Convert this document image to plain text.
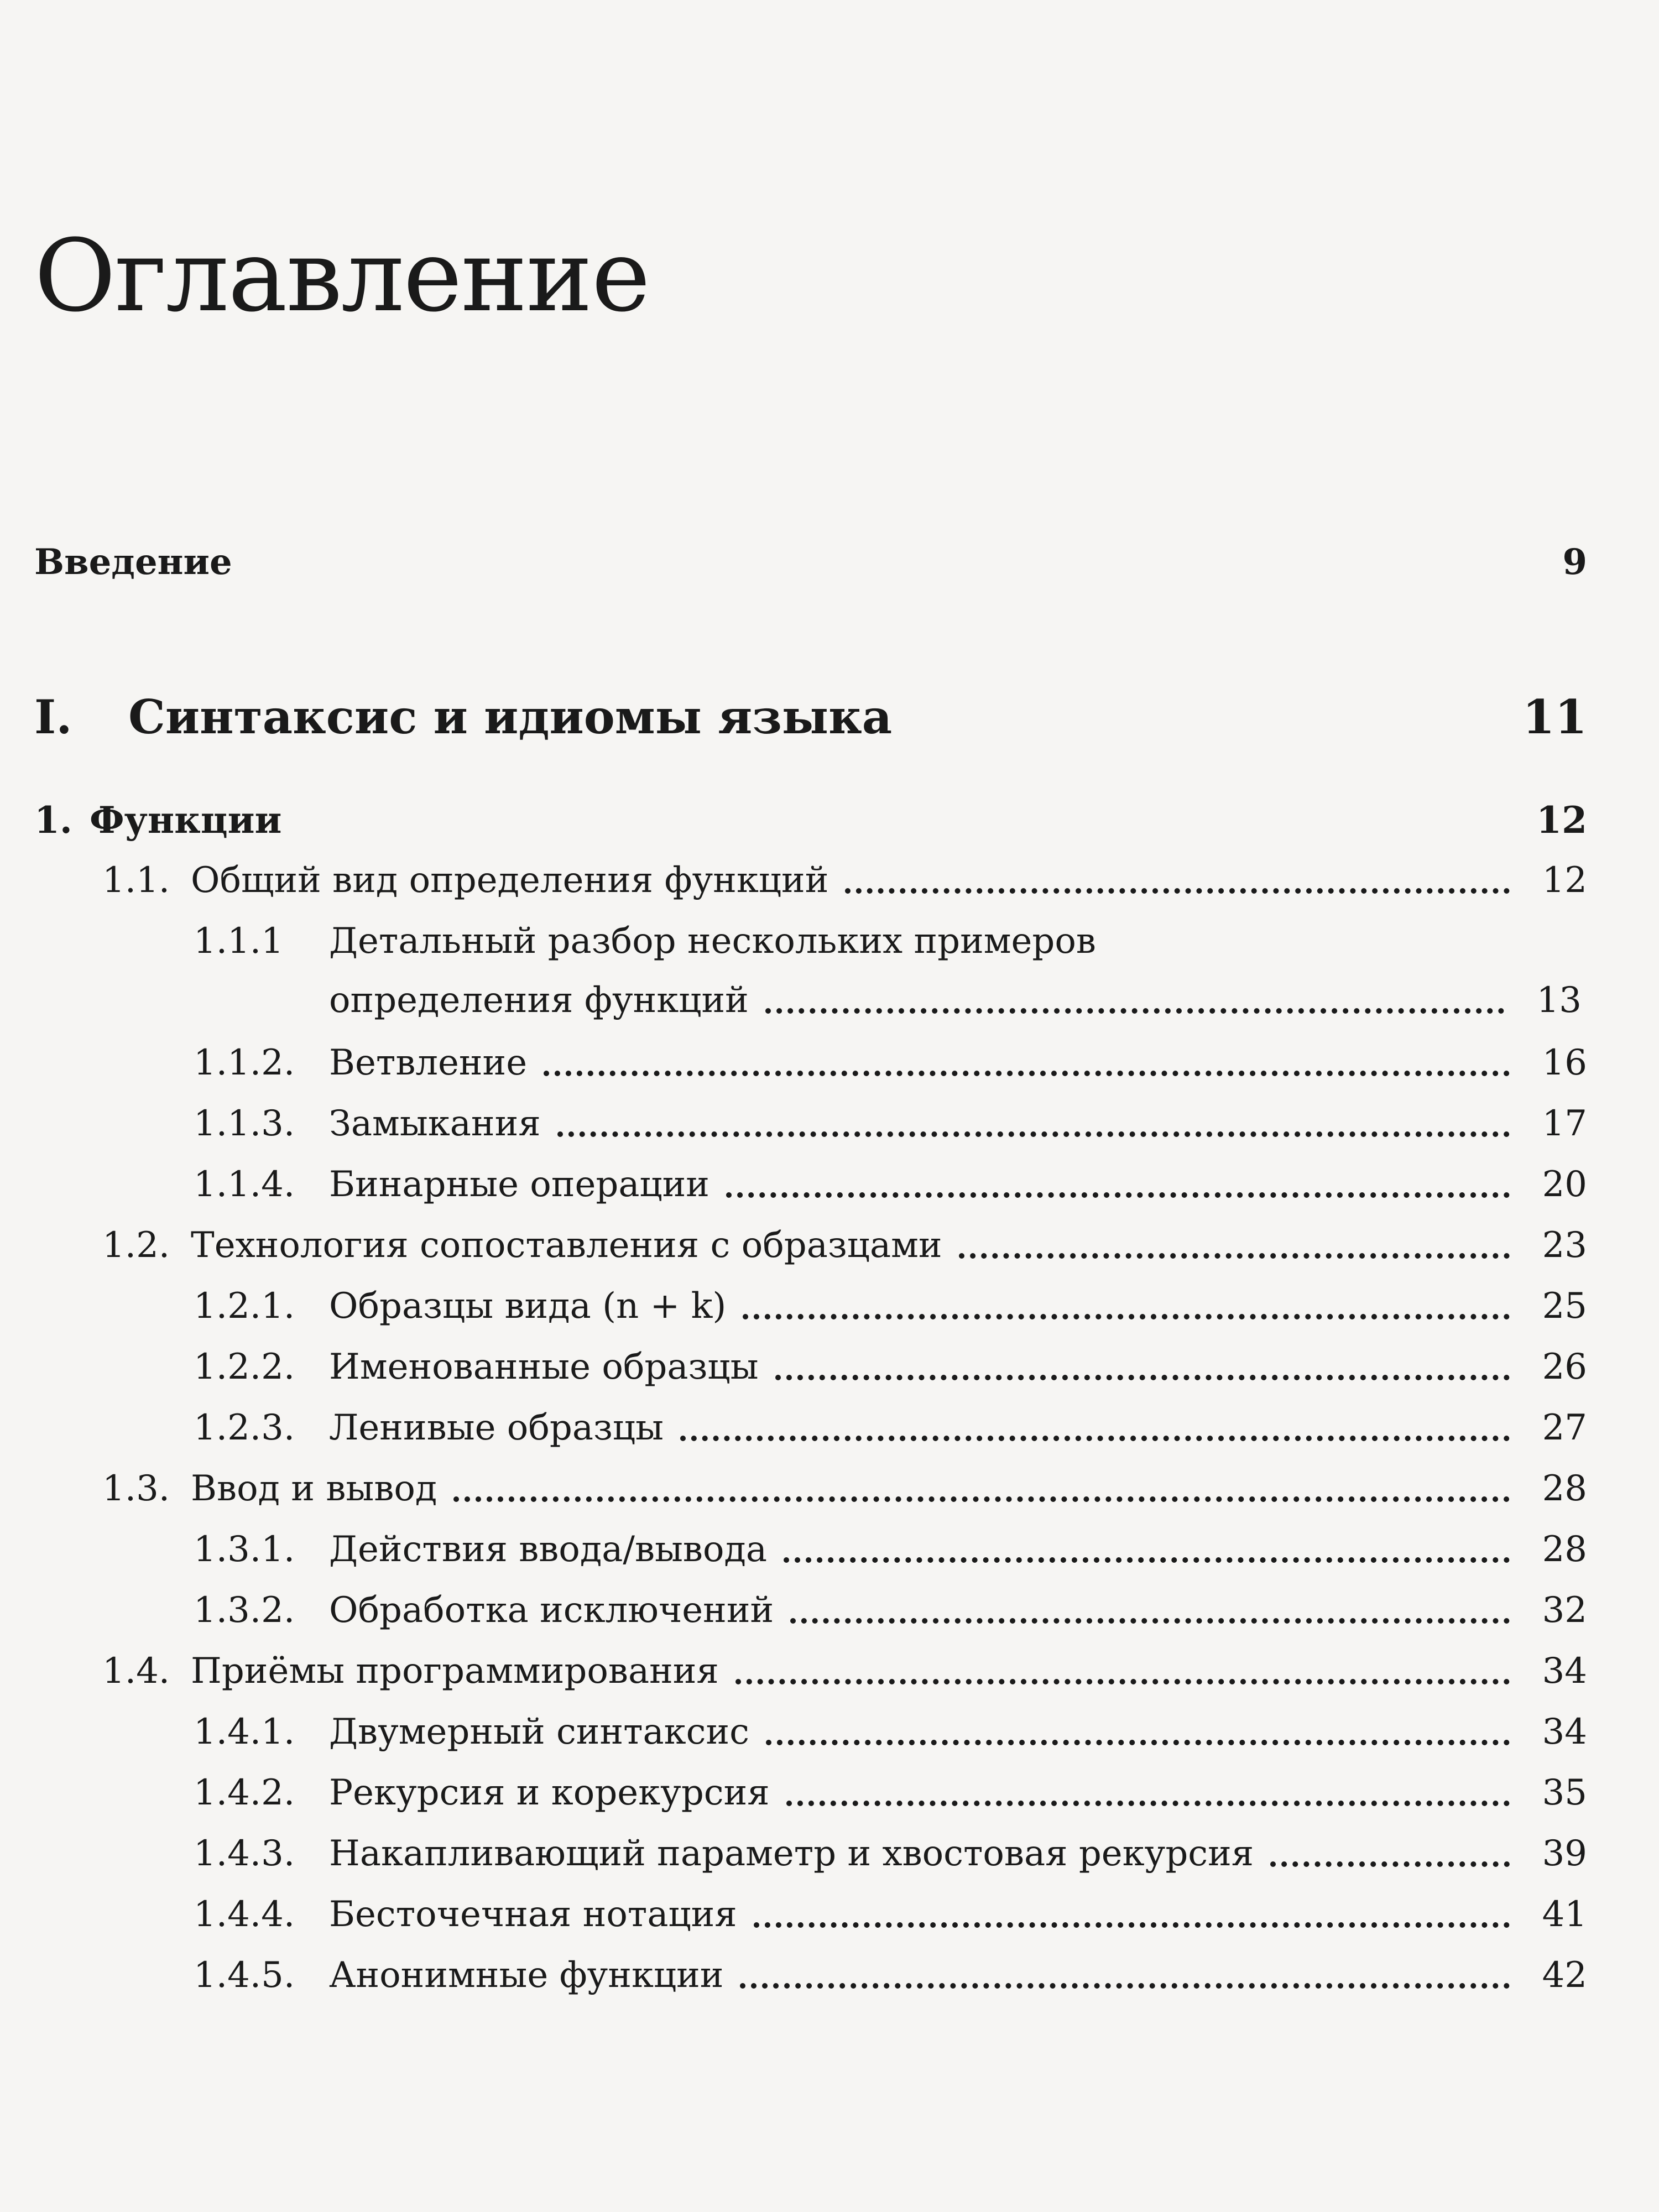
Оглавление
Введение	9
I.	Синтаксис и идиомы языка	11
1. Функции	12
1.1. Общий вид определения функций	12
1.1.1	Детальный разбор нескольких примеров
определения функций	13
1.1.2. Ветвление	16
1.1.3. Замыкания	17
1.1.4. Бинарные операции	20
1.2. Технология сопоставления с образцами	23
1.2.1. Образцы вида (n + k)	25
1.2.2. Именованные образцы	26
1.2.3. Ленивые образцы	27
1.3. Ввод и вывод	28
1.3.1. Действия ввода/вывода	28
1.3.2. Обработка исключений	32
1.4. Приёмы программирования	34
1.4.1. Двумерный синтаксис	34
1.4.2. Рекурсия и корекурсия	35
1.4.3. Накапливающий параметр и хвостовая рекурсия	39
1.4.4. Бесточечная нотация	41
1.4.5. Анонимные функции	42
